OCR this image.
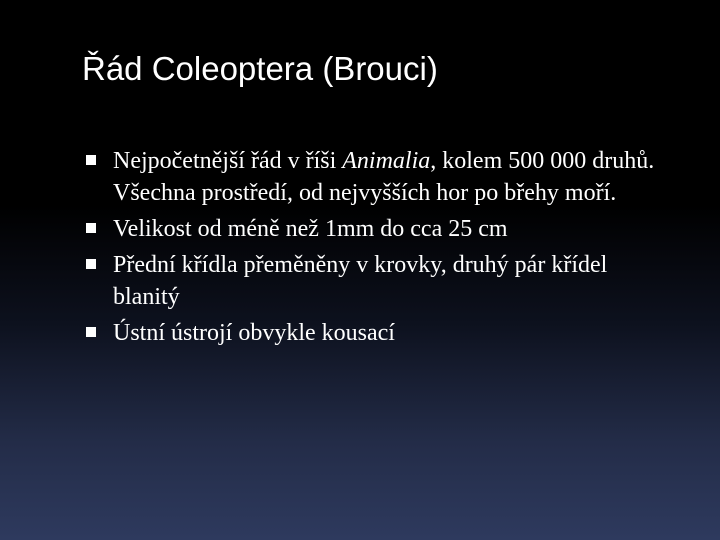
Řád Coleoptera (Brouci)
Nejpočetnější řád v říši Animalia, kolem 500 000 druhů. Všechna prostředí, od nejvyšších hor po břehy moří.
Velikost od méně než 1mm do cca 25 cm
Přední křídla přeměněny v krovky, druhý pár křídel blanitý
Ústní ústrojí obvykle kousací
